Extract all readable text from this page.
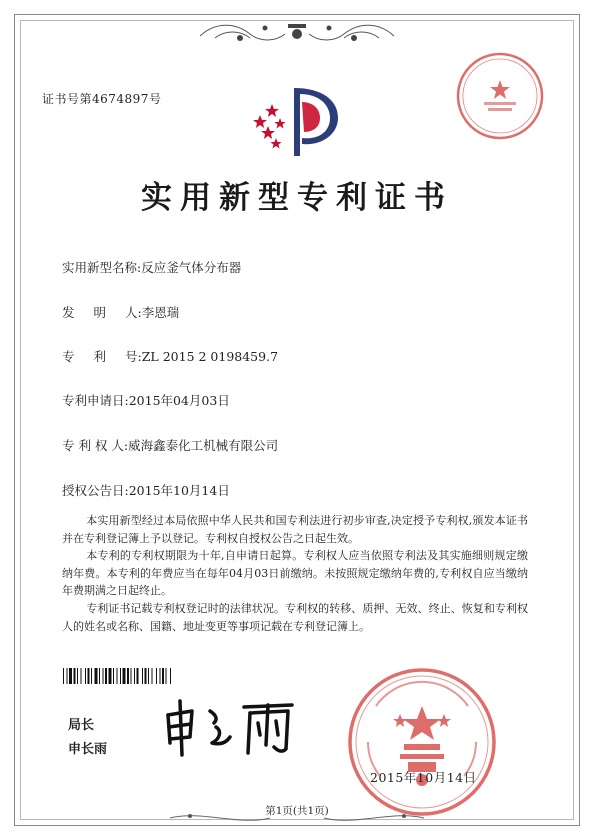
证书号第4674897号
实用新型专利证书
实用新型名称:反应釜气体分布器
发 明 人:李恩瑞
专 利 号:ZL 2015 2 0198459.7
专利申请日:2015年04月03日
专 利 权 人:威海鑫泰化工机械有限公司
授权公告日:2015年10月14日
本实用新型经过本局依照中华人民共和国专利法进行初步审查,决定授予专利权,颁发本证书并在专利登记簿上予以登记。专利权自授权公告之日起生效。
本专利的专利权期限为十年,自申请日起算。专利权人应当依照专利法及其实施细则规定缴纳年费。本专利的年费应当在每年04月03日前缴纳。未按照规定缴纳年费的,专利权自应当缴纳年费期满之日起终止。
专利证书记载专利权登记时的法律状况。专利权的转移、质押、无效、终止、恢复和专利权人的姓名或名称、国籍、地址变更等事项记载在专利登记簿上。
局长
申长雨
2015年10月14日
第1页(共1页)
